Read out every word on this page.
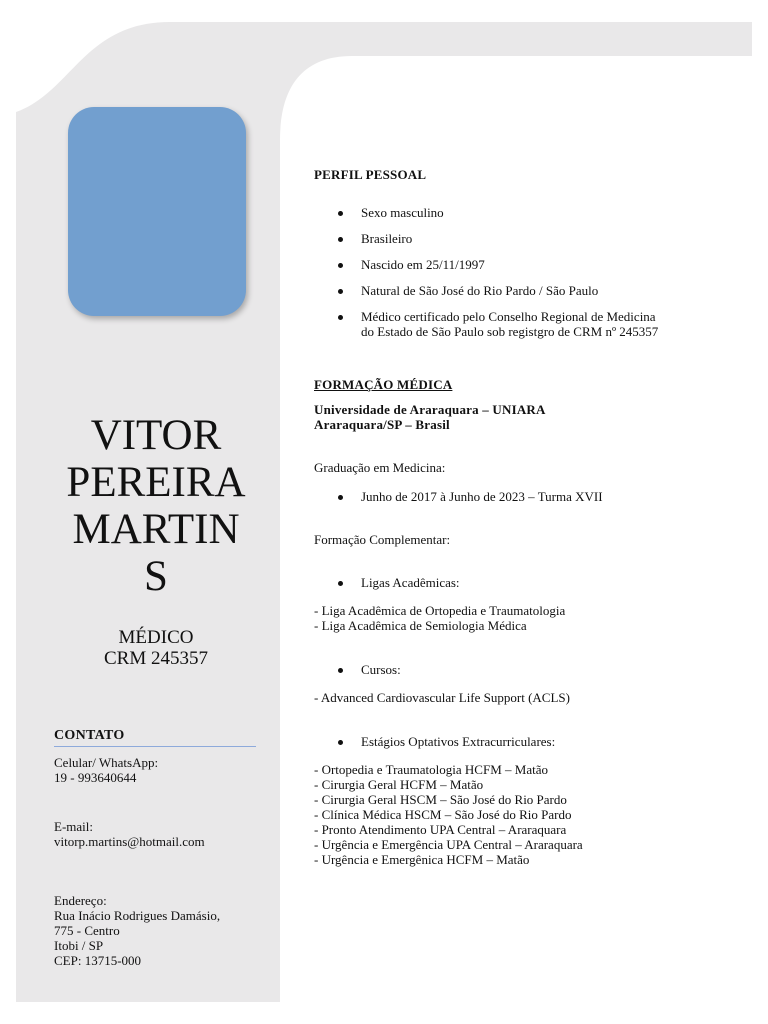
VITOR
PEREIRA
MARTIN
S
MÉDICO
CRM 245357
CONTATO
Celular/ WhatsApp:
19 - 993640644
E-mail:
vitorp.martins@hotmail.com
Endereço:
Rua Inácio Rodrigues Damásio,
775 - Centro
Itobi / SP
CEP: 13715-000
PERFIL PESSOAL
Sexo masculino
Brasileiro
Nascido em 25/11/1997
Natural de São José do Rio Pardo / São Paulo
Médico certificado pelo Conselho Regional de Medicina
do Estado de São Paulo sob registgro de CRM nº 245357
FORMAÇÃO MÉDICA
Universidade de Araraquara – UNIARA
Araraquara/SP – Brasil
Graduação em Medicina:
Junho de 2017 à Junho de 2023 – Turma XVII
Formação Complementar:
Ligas Acadêmicas:
- Liga Acadêmica de Ortopedia e Traumatologia
- Liga Acadêmica de Semiologia Médica
Cursos:
- Advanced Cardiovascular Life Support (ACLS)
Estágios Optativos Extracurriculares:
- Ortopedia e Traumatologia HCFM – Matão
- Cirurgia Geral HCFM – Matão
- Cirurgia Geral HSCM – São José do Rio Pardo
- Clínica Médica HSCM – São José do Rio Pardo
- Pronto Atendimento UPA Central – Araraquara
- Urgência e Emergência UPA Central – Araraquara
- Urgência e Emergênica HCFM – Matão
